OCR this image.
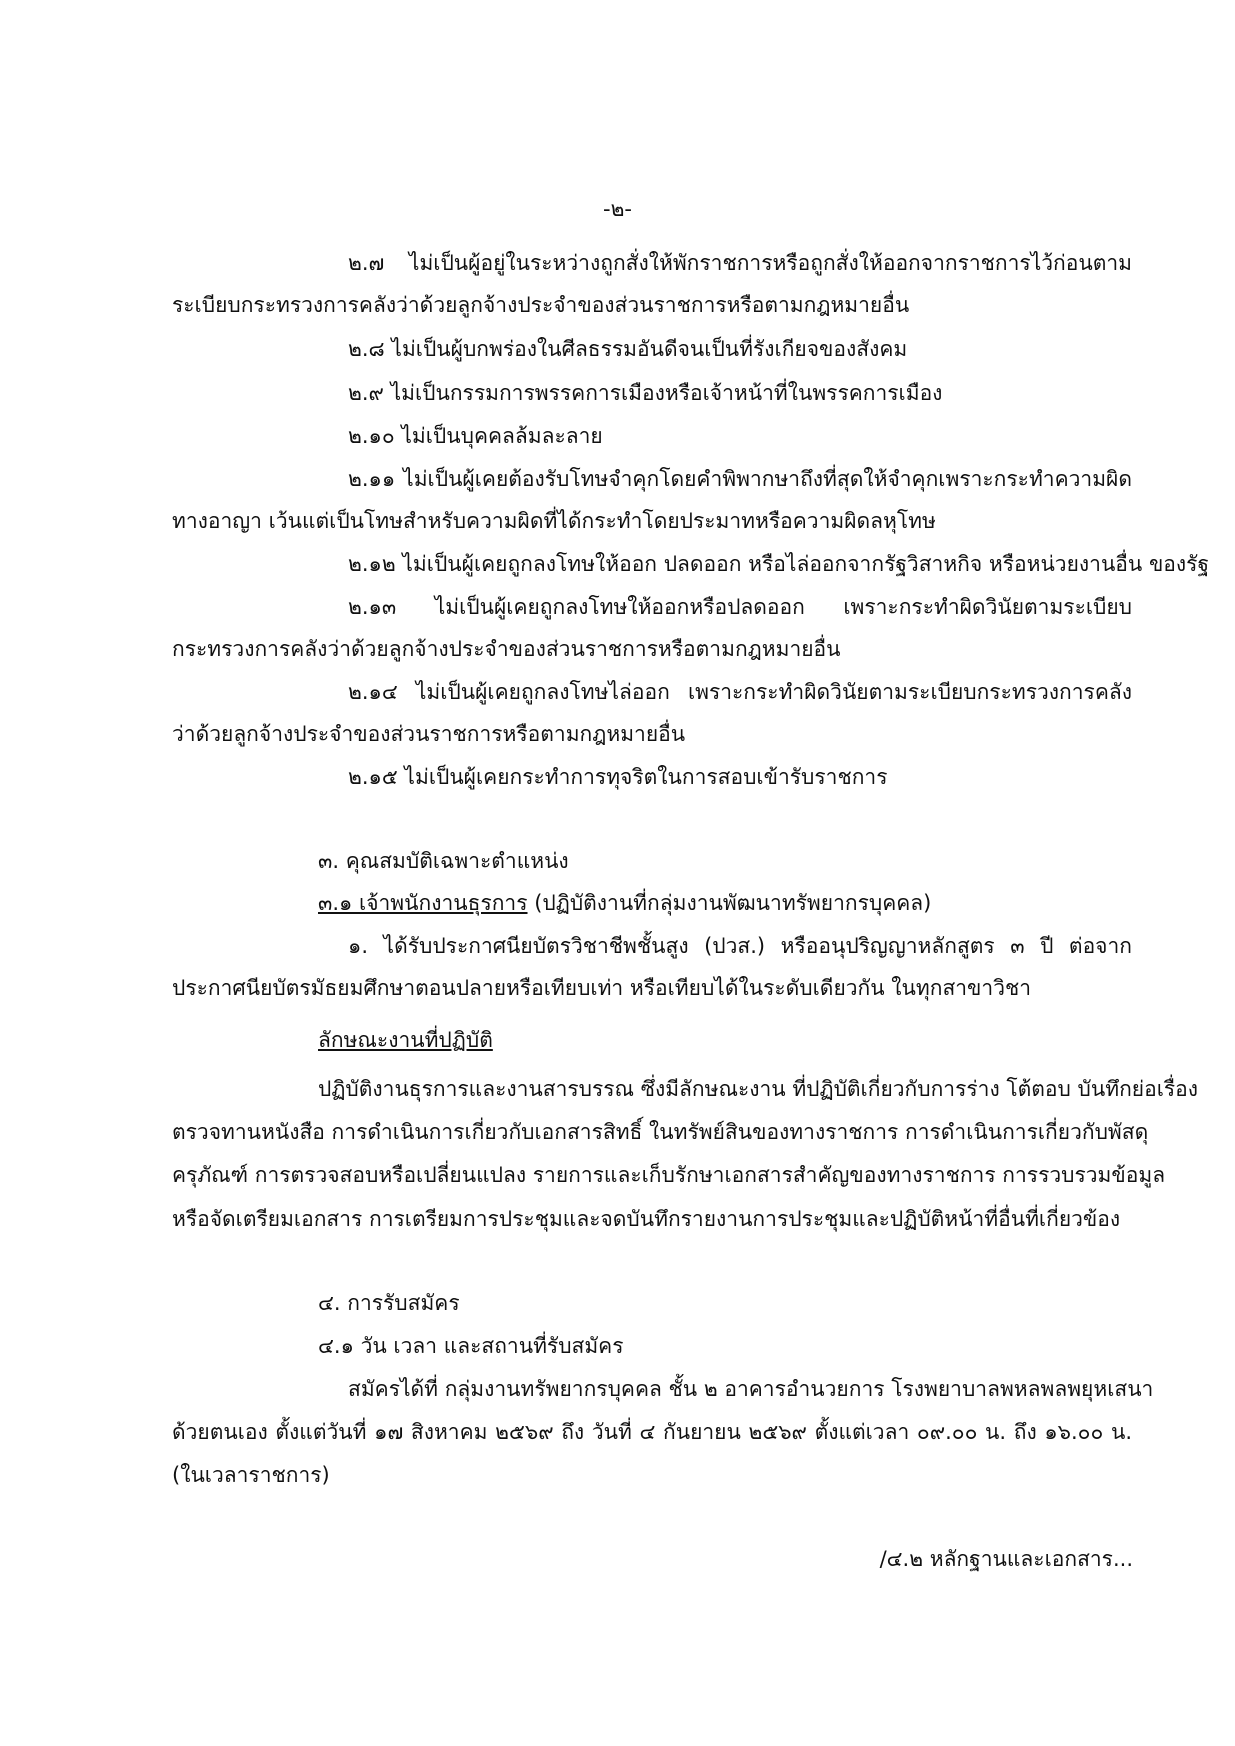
-๒-
๒.๗ ไม่เป็นผู้อยู่ในระหว่างถูกสั่งให้พักราชการหรือถูกสั่งให้ออกจากราชการไว้ก่อนตาม
ระเบียบกระทรวงการคลังว่าด้วยลูกจ้างประจำของส่วนราชการหรือตามกฎหมายอื่น
๒.๘ ไม่เป็นผู้บกพร่องในศีลธรรมอันดีจนเป็นที่รังเกียจของสังคม
๒.๙ ไม่เป็นกรรมการพรรคการเมืองหรือเจ้าหน้าที่ในพรรคการเมือง
๒.๑๐ ไม่เป็นบุคคลล้มละลาย
๒.๑๑ ไม่เป็นผู้เคยต้องรับโทษจำคุกโดยคำพิพากษาถึงที่สุดให้จำคุกเพราะกระทำความผิด
ทางอาญา เว้นแต่เป็นโทษสำหรับความผิดที่ได้กระทำโดยประมาทหรือความผิดลหุโทษ
๒.๑๒ ไม่เป็นผู้เคยถูกลงโทษให้ออก ปลดออก หรือไล่ออกจากรัฐวิสาหกิจ หรือหน่วยงานอื่น ของรัฐ
๒.๑๓ ไม่เป็นผู้เคยถูกลงโทษให้ออกหรือปลดออก เพราะกระทำผิดวินัยตามระเบียบ
กระทรวงการคลังว่าด้วยลูกจ้างประจำของส่วนราชการหรือตามกฎหมายอื่น
๒.๑๔ ไม่เป็นผู้เคยถูกลงโทษไล่ออก เพราะกระทำผิดวินัยตามระเบียบกระทรวงการคลัง
ว่าด้วยลูกจ้างประจำของส่วนราชการหรือตามกฎหมายอื่น
๒.๑๕ ไม่เป็นผู้เคยกระทำการทุจริตในการสอบเข้ารับราชการ
๓. คุณสมบัติเฉพาะตำแหน่ง
๓.๑ เจ้าพนักงานธุรการ (ปฏิบัติงานที่กลุ่มงานพัฒนาทรัพยากรบุคคล)
๑. ได้รับประกาศนียบัตรวิชาชีพชั้นสูง (ปวส.) หรืออนุปริญญาหลักสูตร ๓ ปี ต่อจาก
ประกาศนียบัตรมัธยมศึกษาตอนปลายหรือเทียบเท่า หรือเทียบได้ในระดับเดียวกัน ในทุกสาขาวิชา
ลักษณะงานที่ปฏิบัติ
ปฏิบัติงานธุรการและงานสารบรรณ ซึ่งมีลักษณะงาน ที่ปฏิบัติเกี่ยวกับการร่าง โต้ตอบ บันทึกย่อเรื่อง
ตรวจทานหนังสือ การดำเนินการเกี่ยวกับเอกสารสิทธิ์ ในทรัพย์สินของทางราชการ การดำเนินการเกี่ยวกับพัสดุ
ครุภัณฑ์ การตรวจสอบหรือเปลี่ยนแปลง รายการและเก็บรักษาเอกสารสำคัญของทางราชการ การรวบรวมข้อมูล
หรือจัดเตรียมเอกสาร การเตรียมการประชุมและจดบันทึกรายงานการประชุมและปฏิบัติหน้าที่อื่นที่เกี่ยวข้อง
๔. การรับสมัคร
๔.๑ วัน เวลา และสถานที่รับสมัคร
สมัครได้ที่ กลุ่มงานทรัพยากรบุคคล ชั้น ๒ อาคารอำนวยการ โรงพยาบาลพหลพลพยุหเสนา
ด้วยตนเอง ตั้งแต่วันที่ ๑๗ สิงหาคม ๒๕๖๙ ถึง วันที่ ๔ กันยายน ๒๕๖๙ ตั้งแต่เวลา ๐๙.๐๐ น. ถึง ๑๖.๐๐ น.
(ในเวลาราชการ)
/๔.๒ หลักฐานและเอกสาร...
